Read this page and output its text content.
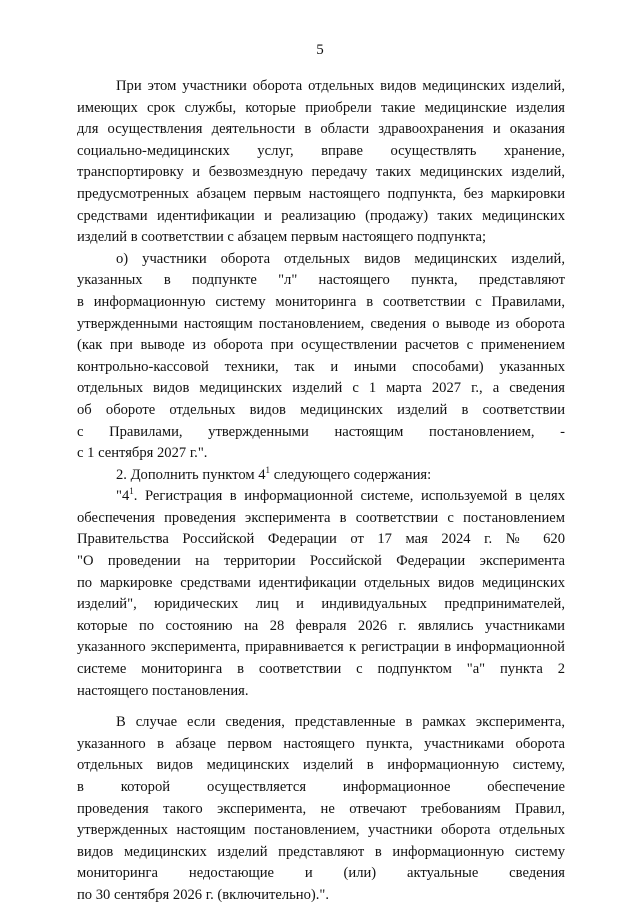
5
При этом участники оборота отдельных видов медицинских изделий,
имеющих срок службы, которые приобрели такие медицинские изделия
для осуществления деятельности в области здравоохранения и оказания
социально-медицинских услуг, вправе осуществлять хранение,
транспортировку и безвозмездную передачу таких медицинских изделий,
предусмотренных абзацем первым настоящего подпункта, без маркировки
средствами идентификации и реализацию (продажу) таких медицинских
изделий в соответствии с абзацем первым настоящего подпункта;
о) участники оборота отдельных видов медицинских изделий,
указанных в подпункте "л" настоящего пункта, представляют
в информационную систему мониторинга в соответствии с Правилами,
утвержденными настоящим постановлением, сведения о выводе из оборота
(как при выводе из оборота при осуществлении расчетов с применением
контрольно-кассовой техники, так и иными способами) указанных
отдельных видов медицинских изделий с 1 марта 2027 г., а сведения
об обороте отдельных видов медицинских изделий в соответствии
с Правилами, утвержденными настоящим постановлением, -
с 1 сентября 2027 г.".
2. Дополнить пунктом $4^1$ следующего содержания:
"$4^1$. Регистрация в информационной системе, используемой в целях
обеспечения проведения эксперимента в соответствии с постановлением
Правительства Российской Федерации от 17 мая 2024 г. № 620
"О проведении на территории Российской Федерации эксперимента
по маркировке средствами идентификации отдельных видов медицинских
изделий", юридических лиц и индивидуальных предпринимателей,
которые по состоянию на 28 февраля 2026 г. являлись участниками
указанного эксперимента, приравнивается к регистрации в информационной
системе мониторинга в соответствии с подпунктом "а" пункта 2
настоящего постановления.
В случае если сведения, представленные в рамках эксперимента,
указанного в абзаце первом настоящего пункта, участниками оборота
отдельных видов медицинских изделий в информационную систему,
в которой осуществляется информационное обеспечение
проведения такого эксперимента, не отвечают требованиям Правил,
утвержденных настоящим постановлением, участники оборота отдельных
видов медицинских изделий представляют в информационную систему
мониторинга недостающие и (или) актуальные сведения
по 30 сентября 2026 г. (включительно).".
